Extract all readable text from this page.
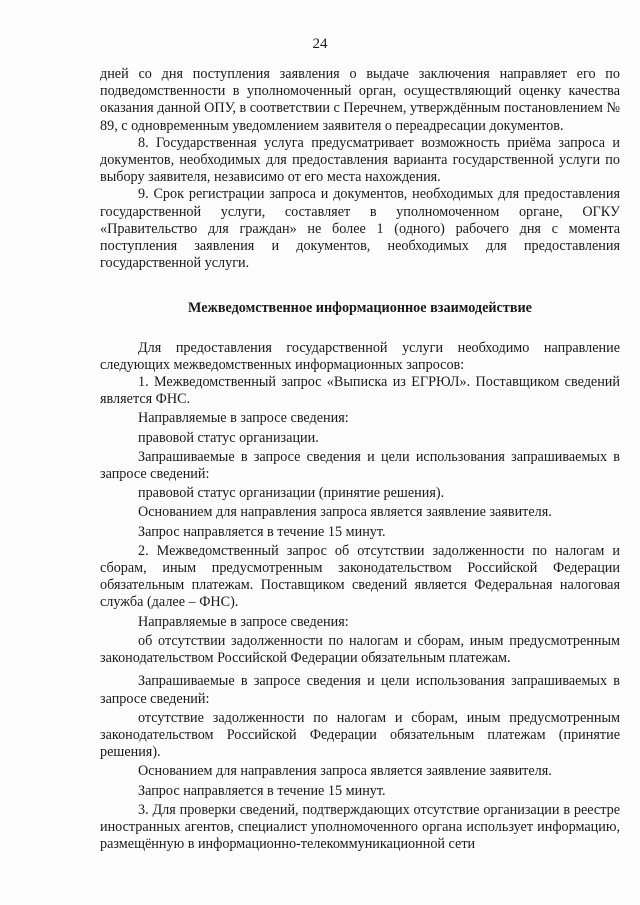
24

дней со дня поступления заявления о выдаче заключения направляет его по подведомственности в уполномоченный орган, осуществляющий оценку качества оказания данной ОПУ, в соответствии с Перечнем, утверждённым постановлением № 89, с одновременным уведомлением заявителя о переадресации документов.

8. Государственная услуга предусматривает возможность приёма запроса и документов, необходимых для предоставления варианта государственной услуги по выбору заявителя, независимо от его места нахождения.

9. Срок регистрации запроса и документов, необходимых для предоставления государственной услуги, составляет в уполномоченном органе, ОГКУ «Правительство для граждан» не более 1 (одного) рабочего дня с момента поступления заявления и документов, необходимых для предоставления государственной услуги.

Межведомственное информационное взаимодействие

Для предоставления государственной услуги необходимо направление следующих межведомственных информационных запросов:

1. Межведомственный запрос «Выписка из ЕГРЮЛ». Поставщиком сведений является ФНС.

Направляемые в запросе сведения:

правовой статус организации.

Запрашиваемые в запросе сведения и цели использования запрашиваемых в запросе сведений:

правовой статус организации (принятие решения).

Основанием для направления запроса является заявление заявителя.

Запрос направляется в течение 15 минут.

2. Межведомственный запрос об отсутствии задолженности по налогам и сборам, иным предусмотренным законодательством Российской Федерации обязательным платежам. Поставщиком сведений является Федеральная налоговая служба (далее – ФНС).

Направляемые в запросе сведения:

об отсутствии задолженности по налогам и сборам, иным предусмотренным законодательством Российской Федерации обязательным платежам.

Запрашиваемые в запросе сведения и цели использования запрашиваемых в запросе сведений:

отсутствие задолженности по налогам и сборам, иным предусмотренным законодательством Российской Федерации обязательным платежам (принятие решения).

Основанием для направления запроса является заявление заявителя.

Запрос направляется в течение 15 минут.

3. Для проверки сведений, подтверждающих отсутствие организации в реестре иностранных агентов, специалист уполномоченного органа использует информацию, размещённую в информационно-телекоммуникационной сети
